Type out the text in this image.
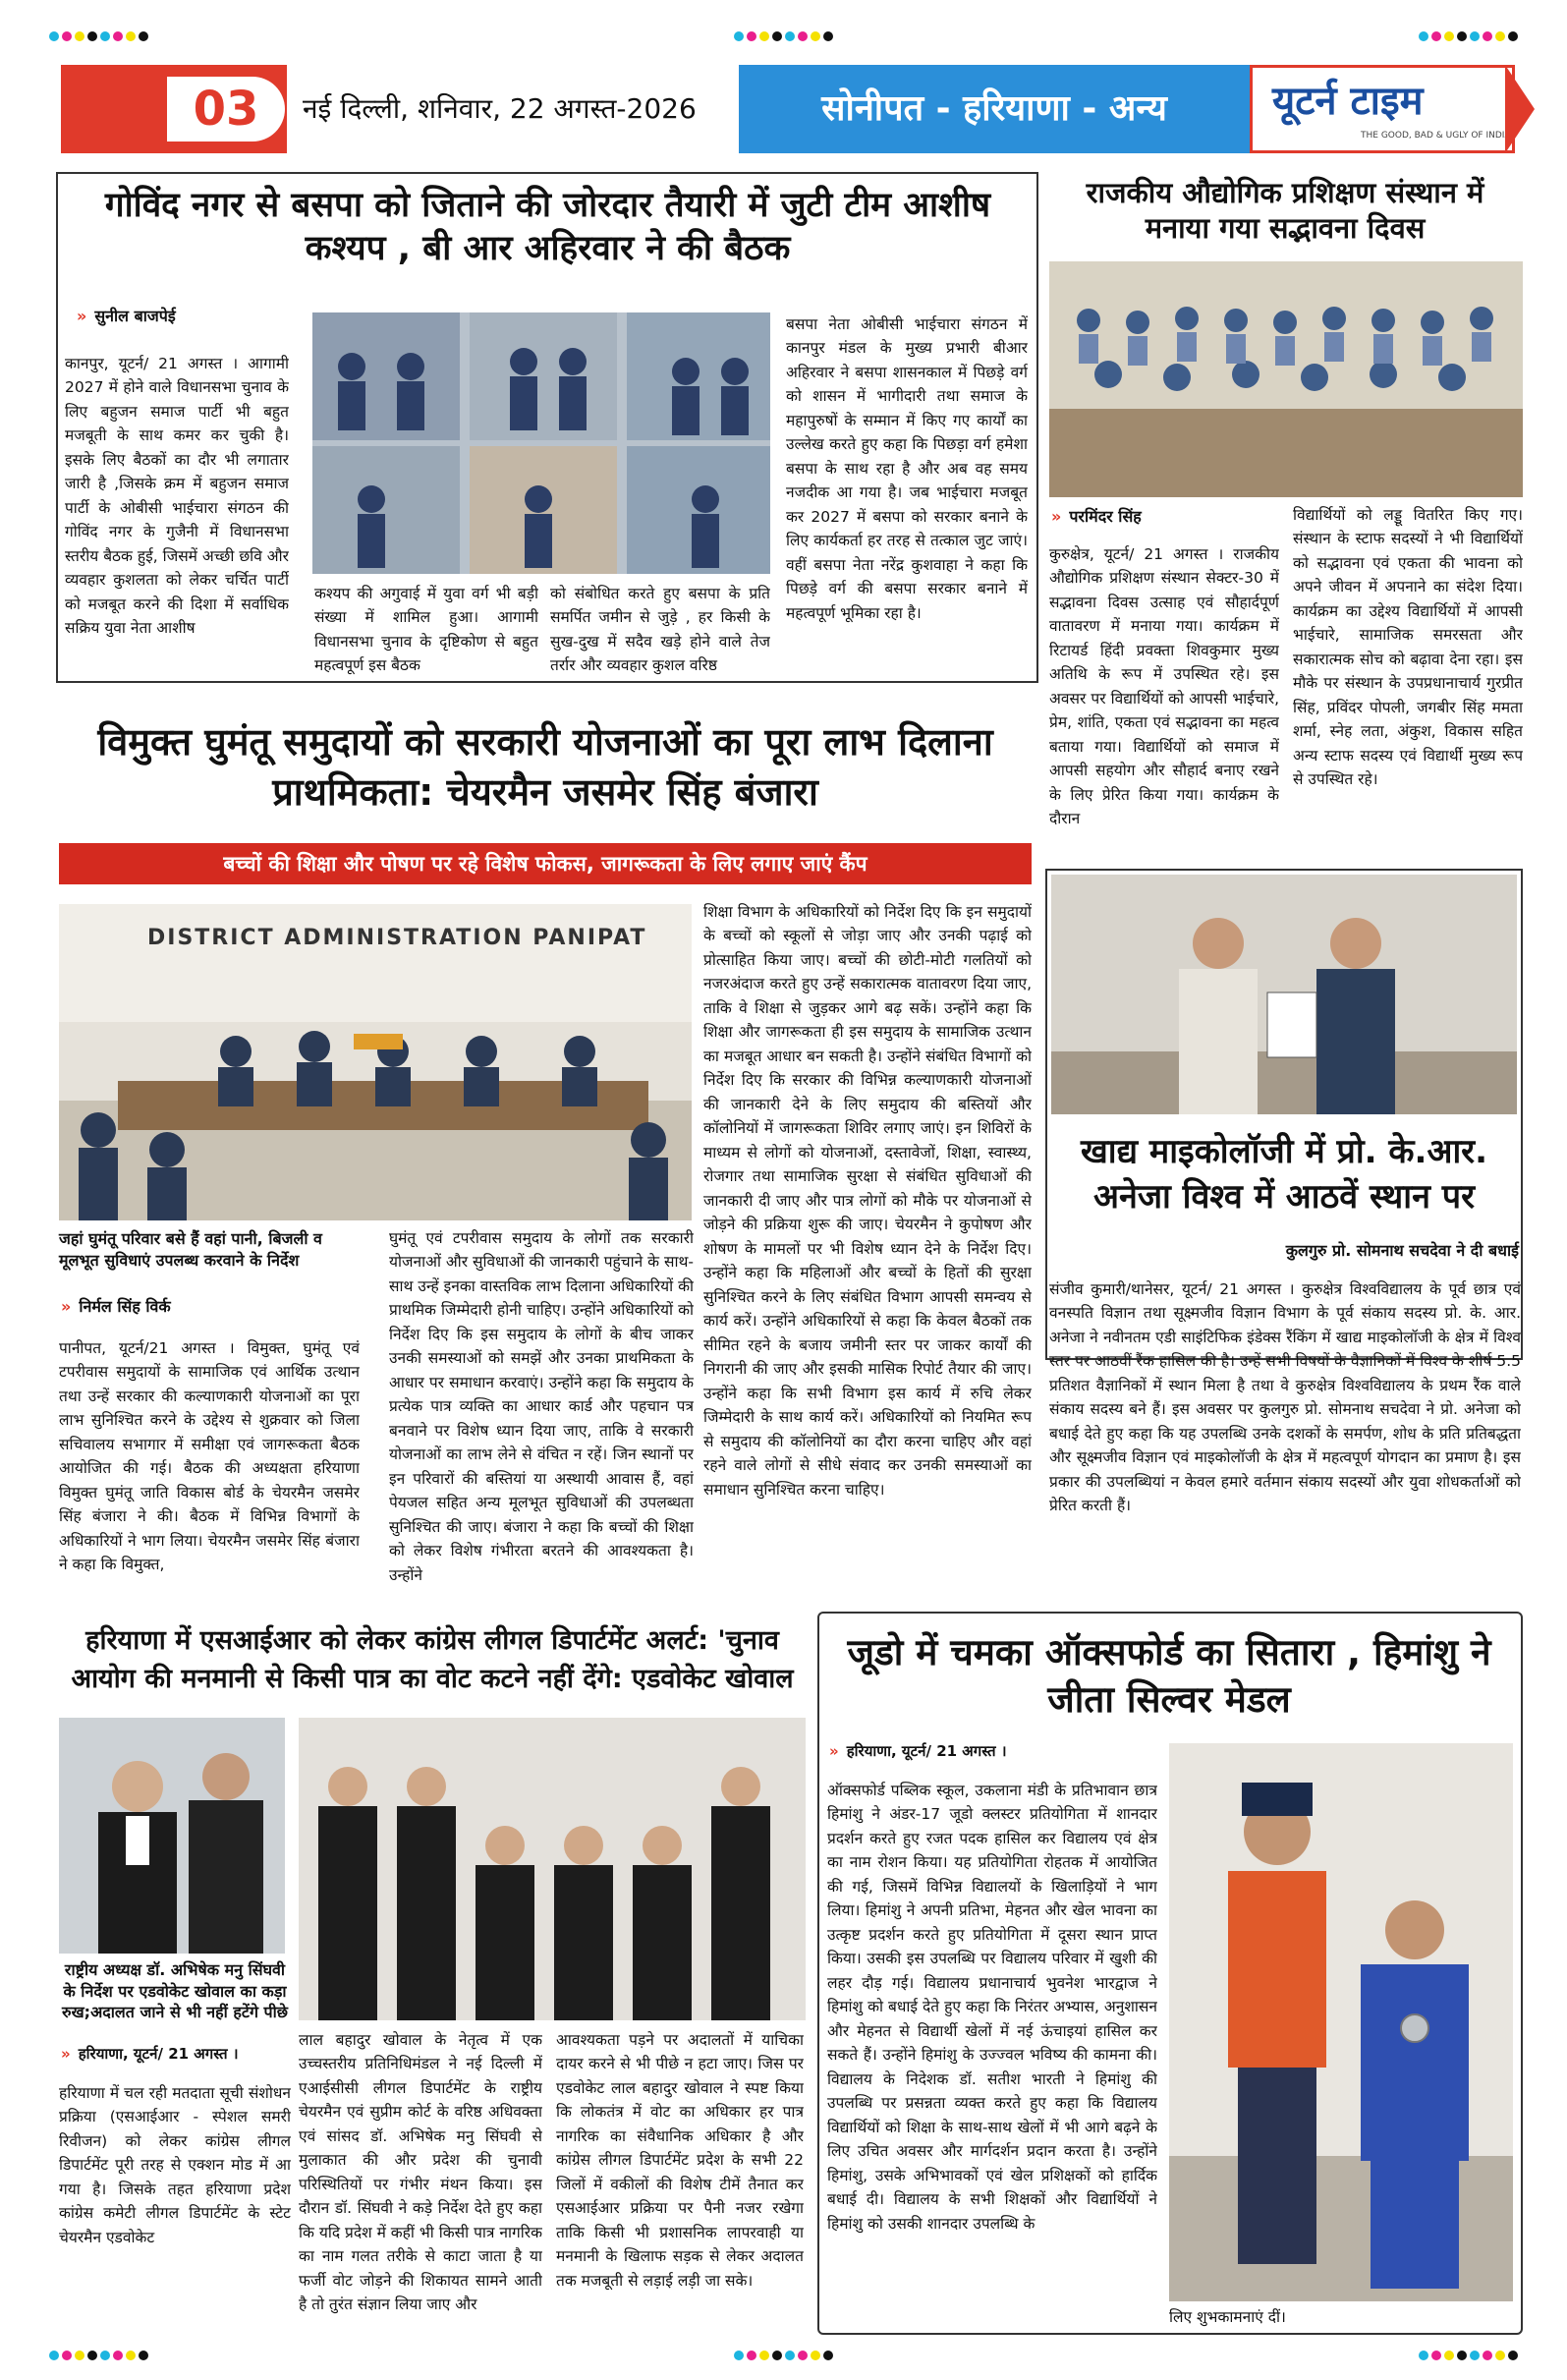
03	नई दिल्ली, शनिवार, 22 अगस्त-2026	सोनीपत - हरियाणा - अन्य	यूटर्न टाइम
THE GOOD, BAD & UGLY OF INDIA
गोविंद नगर से बसपा को जिताने की जोरदार तैयारी में जुटी टीम आशीष कश्यप , बी आर अहिरवार ने की बैठक
» सुनील बाजपेई
कानपुर, यूटर्न/ 21 अगस्त । आगामी 2027 में होने वाले विधानसभा चुनाव के लिए बहुजन समाज पार्टी भी बहुत मजबूती के साथ कमर कर चुकी है। इसके लिए बैठकों का दौर भी लगातार जारी है ,जिसके क्रम में बहुजन समाज पार्टी के ओबीसी भाईचारा संगठन की गोविंद नगर के गुजैनी में विधानसभा स्तरीय बैठक हुई, जिसमें अच्छी छवि और व्यवहार कुशलता को लेकर चर्चित पार्टी को मजबूत करने की दिशा में सर्वाधिक सक्रिय युवा नेता आशीष
कश्यप की अगुवाई में युवा वर्ग भी बड़ी संख्या में शामिल हुआ। आगामी विधानसभा चुनाव के दृष्टिकोण से बहुत महत्वपूर्ण इस बैठक
को संबोधित करते हुए बसपा के प्रति समर्पित जमीन से जुड़े , हर किसी के सुख-दुख में सदैव खड़े होने वाले तेज तर्रार और व्यवहार कुशल वरिष्ठ
बसपा नेता ओबीसी भाईचारा संगठन में कानपुर मंडल के मुख्य प्रभारी बीआर अहिरवार ने बसपा शासनकाल में पिछड़े वर्ग को शासन में भागीदारी तथा समाज के महापुरुषों के सम्मान में किए गए कार्यों का उल्लेख करते हुए कहा कि पिछड़ा वर्ग हमेशा बसपा के साथ रहा है और अब वह समय नजदीक आ गया है। जब भाईचारा मजबूत कर 2027 में बसपा को सरकार बनाने के लिए कार्यकर्ता हर तरह से तत्काल जुट जाएं। वहीं बसपा नेता नरेंद्र कुशवाहा ने कहा कि पिछड़े वर्ग की बसपा सरकार बनाने में महत्वपूर्ण भूमिका रहा है।
राजकीय औद्योगिक प्रशिक्षण संस्थान में मनाया गया सद्भावना दिवस
» परमिंदर सिंह
कुरुक्षेत्र, यूटर्न/ 21 अगस्त । राजकीय औद्योगिक प्रशिक्षण संस्थान सेक्टर-30 में सद्भावना दिवस उत्साह एवं सौहार्दपूर्ण वातावरण में मनाया गया। कार्यक्रम में रिटायर्ड हिंदी प्रवक्ता शिवकुमार मुख्य अतिथि के रूप में उपस्थित रहे। इस अवसर पर विद्यार्थियों को आपसी भाईचारे, प्रेम, शांति, एकता एवं सद्भावना का महत्व बताया गया। विद्यार्थियों को समाज में आपसी सहयोग और सौहार्द बनाए रखने के लिए प्रेरित किया गया। कार्यक्रम के दौरान
विद्यार्थियों को लड्डू वितरित किए गए। संस्थान के स्टाफ सदस्यों ने भी विद्यार्थियों को सद्भावना एवं एकता की भावना को अपने जीवन में अपनाने का संदेश दिया। कार्यक्रम का उद्देश्य विद्यार्थियों में आपसी भाईचारे, सामाजिक समरसता और सकारात्मक सोच को बढ़ावा देना रहा। इस मौके पर संस्थान के उपप्रधानाचार्य गुरप्रीत सिंह, प्रविंदर पोपली, जगबीर सिंह ममता शर्मा, स्नेह लता, अंकुश, विकास सहित अन्य स्टाफ सदस्य एवं विद्यार्थी मुख्य रूप से उपस्थित रहे।
विमुक्त घुमंतू समुदायों को सरकारी योजनाओं का पूरा लाभ दिलाना प्राथमिकता: चेयरमैन जसमेर सिंह बंजारा
बच्चों की शिक्षा और पोषण पर रहे विशेष फोकस, जागरूकता के लिए लगाए जाएं कैंप
DISTRICT ADMINISTRATION PANIPAT
जहां घुमंतू परिवार बसे हैं वहां पानी, बिजली व मूलभूत सुविधाएं उपलब्ध करवाने के निर्देश
» निर्मल सिंह विर्क
पानीपत, यूटर्न/21 अगस्त । विमुक्त, घुमंतू एवं टपरीवास समुदायों के सामाजिक एवं आर्थिक उत्थान तथा उन्हें सरकार की कल्याणकारी योजनाओं का पूरा लाभ सुनिश्चित करने के उद्देश्य से शुक्रवार को जिला सचिवालय सभागार में समीक्षा एवं जागरूकता बैठक आयोजित की गई। बैठक की अध्यक्षता हरियाणा विमुक्त घुमंतू जाति विकास बोर्ड के चेयरमैन जसमेर सिंह बंजारा ने की। बैठक में विभिन्न विभागों के अधिकारियों ने भाग लिया। चेयरमैन जसमेर सिंह बंजारा ने कहा कि विमुक्त,
घुमंतू एवं टपरीवास समुदाय के लोगों तक सरकारी योजनाओं और सुविधाओं की जानकारी पहुंचाने के साथ-साथ उन्हें इनका वास्तविक लाभ दिलाना अधिकारियों की प्राथमिक जिम्मेदारी होनी चाहिए। उन्होंने अधिकारियों को निर्देश दिए कि इस समुदाय के लोगों के बीच जाकर उनकी समस्याओं को समझें और उनका प्राथमिकता के आधार पर समाधान करवाएं। उन्होंने कहा कि समुदाय के प्रत्येक पात्र व्यक्ति का आधार कार्ड और पहचान पत्र बनवाने पर विशेष ध्यान दिया जाए, ताकि वे सरकारी योजनाओं का लाभ लेने से वंचित न रहें। जिन स्थानों पर इन परिवारों की बस्तियां या अस्थायी आवास हैं, वहां पेयजल सहित अन्य मूलभूत सुविधाओं की उपलब्धता सुनिश्चित की जाए। बंजारा ने कहा कि बच्चों की शिक्षा को लेकर विशेष गंभीरता बरतने की आवश्यकता है। उन्होंने
शिक्षा विभाग के अधिकारियों को निर्देश दिए कि इन समुदायों के बच्चों को स्कूलों से जोड़ा जाए और उनकी पढ़ाई को प्रोत्साहित किया जाए। बच्चों की छोटी-मोटी गलतियों को नजरअंदाज करते हुए उन्हें सकारात्मक वातावरण दिया जाए, ताकि वे शिक्षा से जुड़कर आगे बढ़ सकें। उन्होंने कहा कि शिक्षा और जागरूकता ही इस समुदाय के सामाजिक उत्थान का मजबूत आधार बन सकती है। उन्होंने संबंधित विभागों को निर्देश दिए कि सरकार की विभिन्न कल्याणकारी योजनाओं की जानकारी देने के लिए समुदाय की बस्तियों और कॉलोनियों में जागरूकता शिविर लगाए जाएं। इन शिविरों के माध्यम से लोगों को योजनाओं, दस्तावेजों, शिक्षा, स्वास्थ्य, रोजगार तथा सामाजिक सुरक्षा से संबंधित सुविधाओं की जानकारी दी जाए और पात्र लोगों को मौके पर योजनाओं से जोड़ने की प्रक्रिया शुरू की जाए। चेयरमैन ने कुपोषण और शोषण के मामलों पर भी विशेष ध्यान देने के निर्देश दिए। उन्होंने कहा कि महिलाओं और बच्चों के हितों की सुरक्षा सुनिश्चित करने के लिए संबंधित विभाग आपसी समन्वय से कार्य करें। उन्होंने अधिकारियों से कहा कि केवल बैठकों तक सीमित रहने के बजाय जमीनी स्तर पर जाकर कार्यों की निगरानी की जाए और इसकी मासिक रिपोर्ट तैयार की जाए। उन्होंने कहा कि सभी विभाग इस कार्य में रुचि लेकर जिम्मेदारी के साथ कार्य करें। अधिकारियों को नियमित रूप से समुदाय की कॉलोनियों का दौरा करना चाहिए और वहां रहने वाले लोगों से सीधे संवाद कर उनकी समस्याओं का समाधान सुनिश्चित करना चाहिए।
खाद्य माइकोलॉजी में प्रो. के.आर. अनेजा विश्व में आठवें स्थान पर
कुलगुरु प्रो. सोमनाथ सचदेवा ने दी बधाई
संजीव कुमारी/थानेसर, यूटर्न/ 21 अगस्त । कुरुक्षेत्र विश्वविद्यालय के पूर्व छात्र एवं वनस्पति विज्ञान तथा सूक्ष्मजीव विज्ञान विभाग के पूर्व संकाय सदस्य प्रो. के. आर. अनेजा ने नवीनतम एडी साइंटिफिक इंडेक्स रैंकिंग में खाद्य माइकोलॉजी के क्षेत्र में विश्व स्तर पर आठवीं रैंक हासिल की है। उन्हें सभी विषयों के वैज्ञानिकों में विश्व के शीर्ष 5.5 प्रतिशत वैज्ञानिकों में स्थान मिला है तथा वे कुरुक्षेत्र विश्वविद्यालय के प्रथम रैंक वाले संकाय सदस्य बने हैं। इस अवसर पर कुलगुरु प्रो. सोमनाथ सचदेवा ने प्रो. अनेजा को बधाई देते हुए कहा कि यह उपलब्धि उनके दशकों के समर्पण, शोध के प्रति प्रतिबद्धता और सूक्ष्मजीव विज्ञान एवं माइकोलॉजी के क्षेत्र में महत्वपूर्ण योगदान का प्रमाण है। इस प्रकार की उपलब्धियां न केवल हमारे वर्तमान संकाय सदस्यों और युवा शोधकर्ताओं को प्रेरित करती हैं।
हरियाणा में एसआईआर को लेकर कांग्रेस लीगल डिपार्टमेंट अलर्ट: 'चुनाव आयोग की मनमानी से किसी पात्र का वोट कटने नहीं देंगे: एडवोकेट खोवाल
राष्ट्रीय अध्यक्ष डॉ. अभिषेक मनु सिंघवी के निर्देश पर एडवोकेट खोवाल का कड़ा रुख;अदालत जाने से भी नहीं हटेंगे पीछे
» हरियाणा, यूटर्न/ 21 अगस्त ।
हरियाणा में चल रही मतदाता सूची संशोधन प्रक्रिया (एसआईआर - स्पेशल समरी रिवीजन) को लेकर कांग्रेस लीगल डिपार्टमेंट पूरी तरह से एक्शन मोड में आ गया है। जिसके तहत हरियाणा प्रदेश कांग्रेस कमेटी लीगल डिपार्टमेंट के स्टेट चेयरमैन एडवोकेट
लाल बहादुर खोवाल के नेतृत्व में एक उच्चस्तरीय प्रतिनिधिमंडल ने नई दिल्ली में एआईसीसी लीगल डिपार्टमेंट के राष्ट्रीय चेयरमैन एवं सुप्रीम कोर्ट के वरिष्ठ अधिवक्ता एवं सांसद डॉ. अभिषेक मनु सिंघवी से मुलाकात की और प्रदेश की चुनावी परिस्थितियों पर गंभीर मंथन किया। इस दौरान डॉ. सिंघवी ने कड़े निर्देश देते हुए कहा कि यदि प्रदेश में कहीं भी किसी पात्र नागरिक का नाम गलत तरीके से काटा जाता है या फर्जी वोट जोड़ने की शिकायत सामने आती है तो तुरंत संज्ञान लिया जाए और
आवश्यकता पड़ने पर अदालतों में याचिका दायर करने से भी पीछे न हटा जाए। जिस पर एडवोकेट लाल बहादुर खोवाल ने स्पष्ट किया कि लोकतंत्र में वोट का अधिकार हर पात्र नागरिक का संवैधानिक अधिकार है और कांग्रेस लीगल डिपार्टमेंट प्रदेश के सभी 22 जिलों में वकीलों की विशेष टीमें तैनात कर एसआईआर प्रक्रिया पर पैनी नजर रखेगा ताकि किसी भी प्रशासनिक लापरवाही या मनमानी के खिलाफ सड़क से लेकर अदालत तक मजबूती से लड़ाई लड़ी जा सके।
जूडो में चमका ऑक्सफोर्ड का सितारा , हिमांशु ने जीता सिल्वर मेडल
» हरियाणा, यूटर्न/ 21 अगस्त ।
ऑक्सफोर्ड पब्लिक स्कूल, उकलाना मंडी के प्रतिभावान छात्र हिमांशु ने अंडर-17 जूडो क्लस्टर प्रतियोगिता में शानदार प्रदर्शन करते हुए रजत पदक हासिल कर विद्यालय एवं क्षेत्र का नाम रोशन किया। यह प्रतियोगिता रोहतक में आयोजित की गई, जिसमें विभिन्न विद्यालयों के खिलाड़ियों ने भाग लिया। हिमांशु ने अपनी प्रतिभा, मेहनत और खेल भावना का उत्कृष्ट प्रदर्शन करते हुए प्रतियोगिता में दूसरा स्थान प्राप्त किया। उसकी इस उपलब्धि पर विद्यालय परिवार में खुशी की लहर दौड़ गई। विद्यालय प्रधानाचार्य भुवनेश भारद्वाज ने हिमांशु को बधाई देते हुए कहा कि निरंतर अभ्यास, अनुशासन और मेहनत से विद्यार्थी खेलों में नई ऊंचाइयां हासिल कर सकते हैं। उन्होंने हिमांशु के उज्ज्वल भविष्य की कामना की। विद्यालय के निदेशक डॉ. सतीश भारती ने हिमांशु की उपलब्धि पर प्रसन्नता व्यक्त करते हुए कहा कि विद्यालय विद्यार्थियों को शिक्षा के साथ-साथ खेलों में भी आगे बढ़ने के लिए उचित अवसर और मार्गदर्शन प्रदान करता है। उन्होंने हिमांशु, उसके अभिभावकों एवं खेल प्रशिक्षकों को हार्दिक बधाई दी। विद्यालय के सभी शिक्षकों और विद्यार्थियों ने हिमांशु को उसकी शानदार उपलब्धि के
लिए शुभकामनाएं दीं।
